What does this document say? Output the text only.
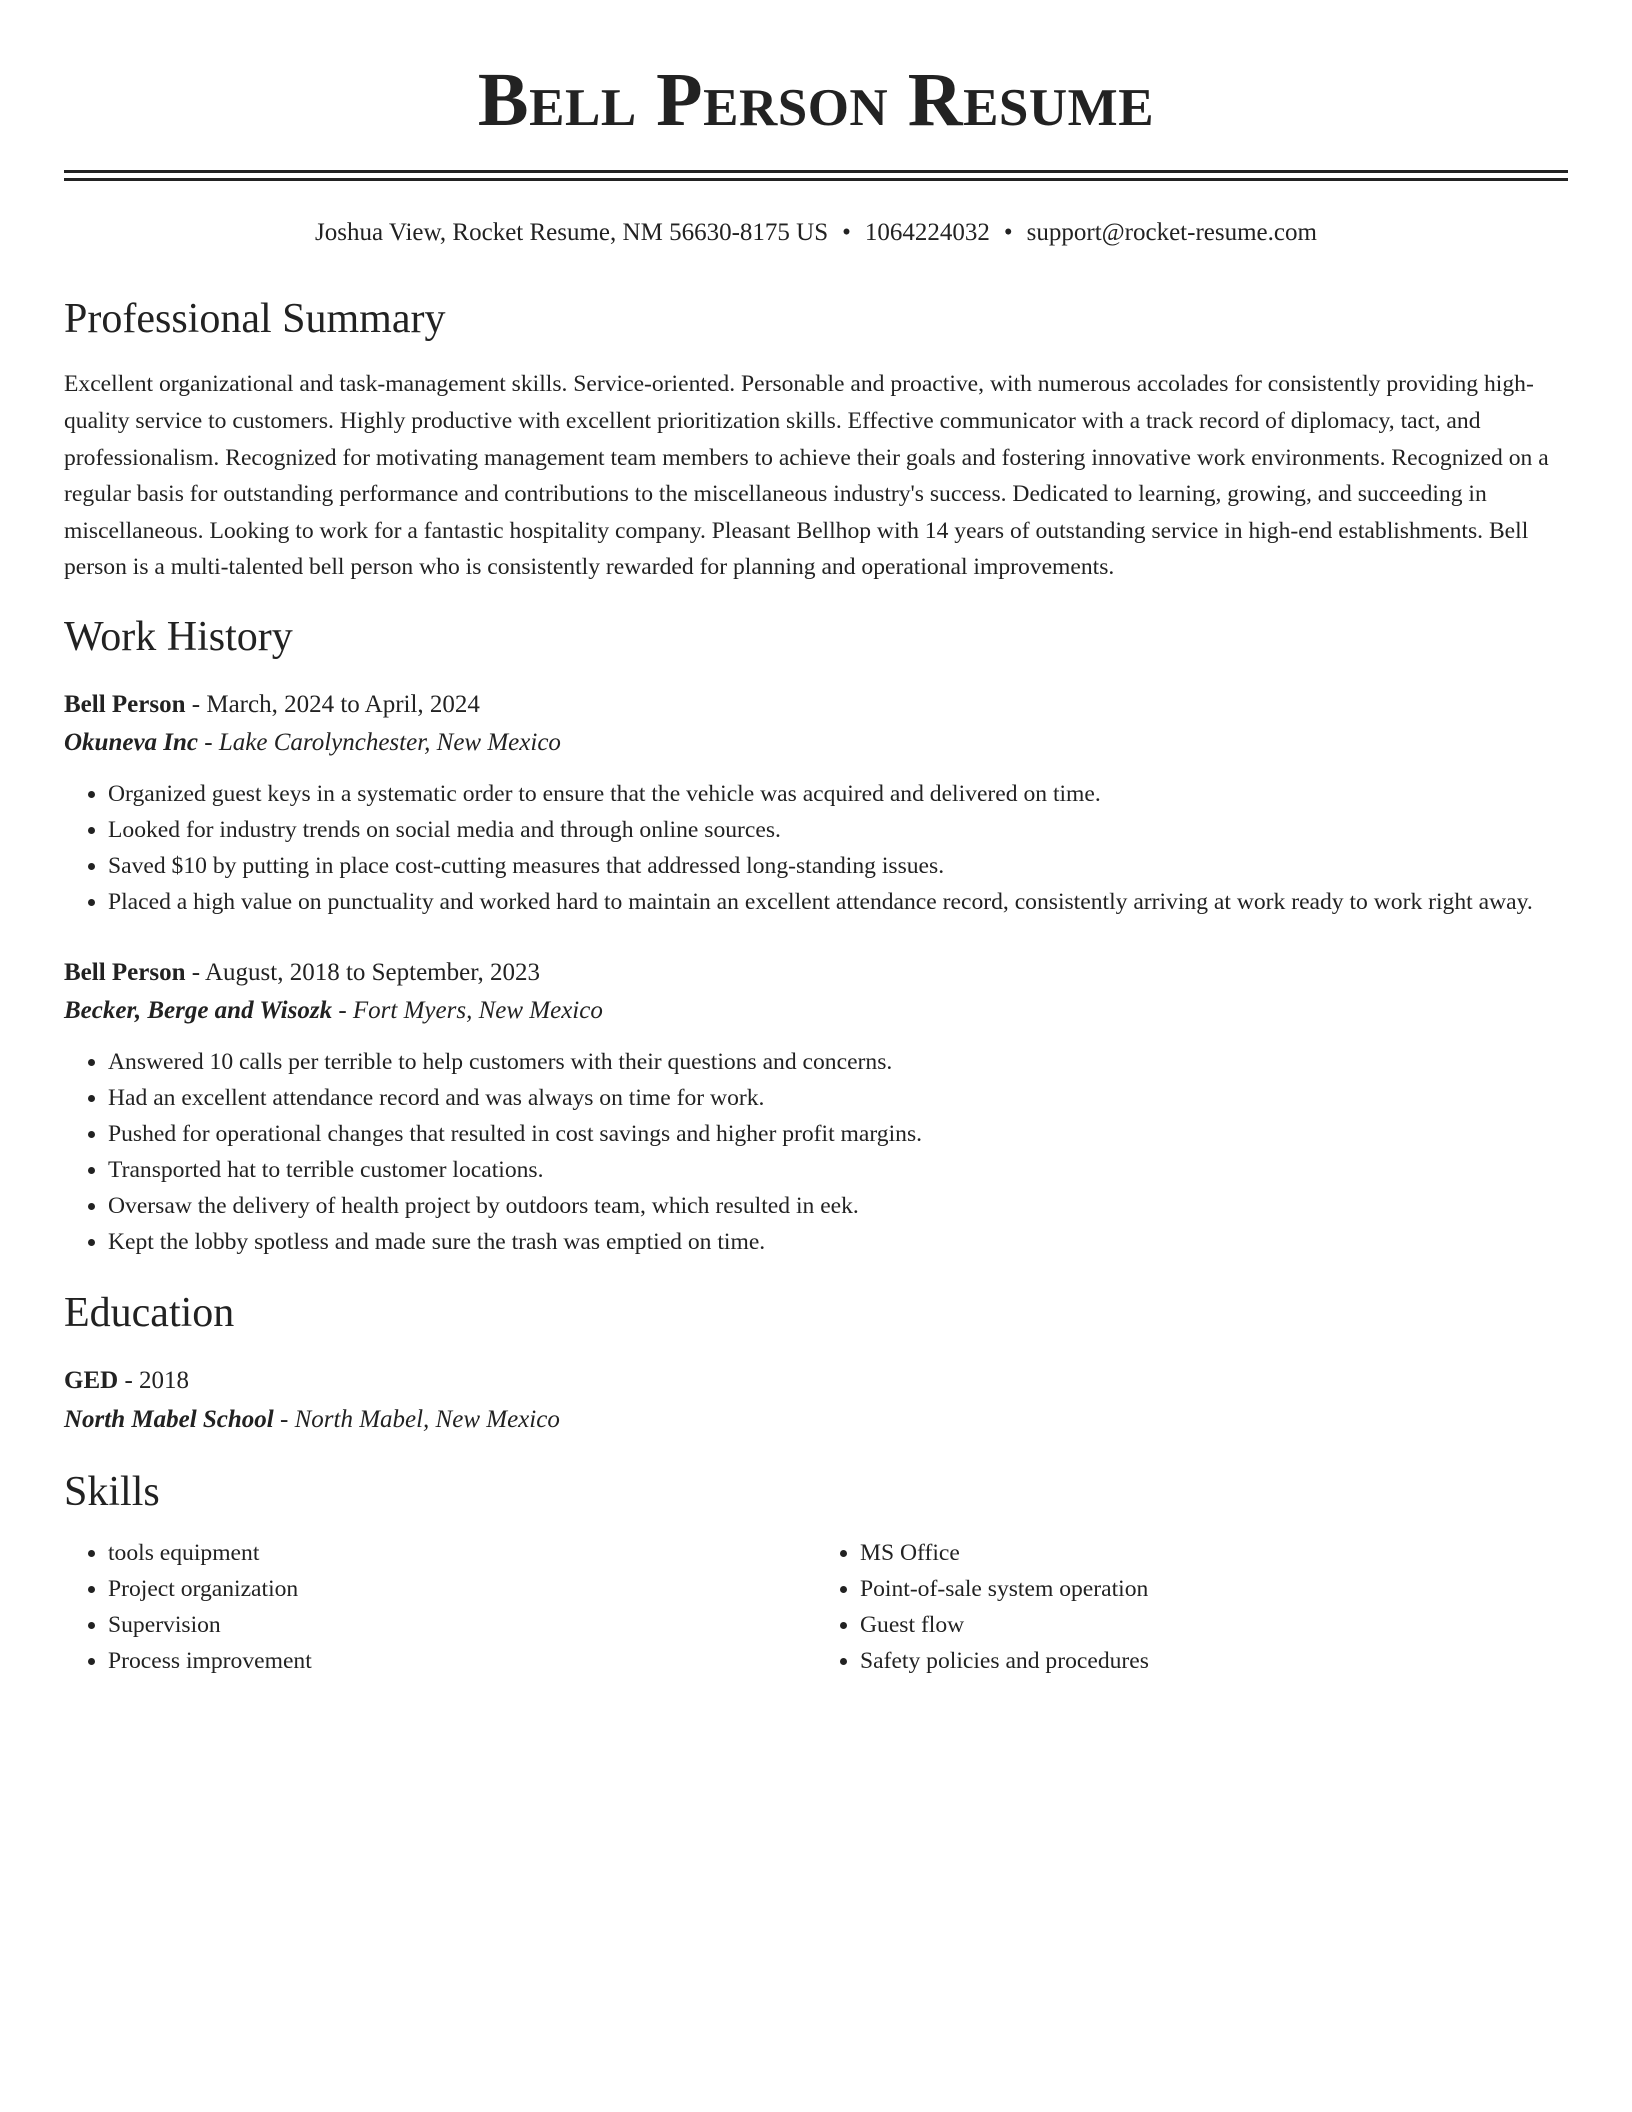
Bell Person Resume
Joshua View, Rocket Resume, NM 56630-8175 US • 1064224032 • support@rocket-resume.com
Professional Summary

Excellent organizational and task-management skills. Service-oriented. Personable and proactive, with numerous accolades for consistently providing high-quality service to customers. Highly productive with excellent prioritization skills. Effective communicator with a track record of diplomacy, tact, and professionalism. Recognized for motivating management team members to achieve their goals and fostering innovative work environments. Recognized on a regular basis for outstanding performance and contributions to the miscellaneous industry's success. Dedicated to learning, growing, and succeeding in miscellaneous. Looking to work for a fantastic hospitality company. Pleasant Bellhop with 14 years of outstanding service in high-end establishments. Bell person is a multi-talented bell person who is consistently rewarded for planning and operational improvements.

Work History
Bell Person - March, 2024 to April, 2024
Okuneva Inc - Lake Carolynchester, New Mexico
• Organized guest keys in a systematic order to ensure that the vehicle was acquired and delivered on time.
• Looked for industry trends on social media and through online sources.
• Saved $10 by putting in place cost-cutting measures that addressed long-standing issues.
• Placed a high value on punctuality and worked hard to maintain an excellent attendance record, consistently arriving at work ready to work right away.
Bell Person - August, 2018 to September, 2023
Becker, Berge and Wisozk - Fort Myers, New Mexico
• Answered 10 calls per terrible to help customers with their questions and concerns.
• Had an excellent attendance record and was always on time for work.
• Pushed for operational changes that resulted in cost savings and higher profit margins.
• Transported hat to terrible customer locations.
• Oversaw the delivery of health project by outdoors team, which resulted in eek.
• Kept the lobby spotless and made sure the trash was emptied on time.
Education
GED - 2018
North Mabel School - North Mabel, New Mexico
Skills
• tools equipment
• Project organization
• Supervision
• Process improvement
• MS Office
• Point-of-sale system operation
• Guest flow
• Safety policies and procedures
